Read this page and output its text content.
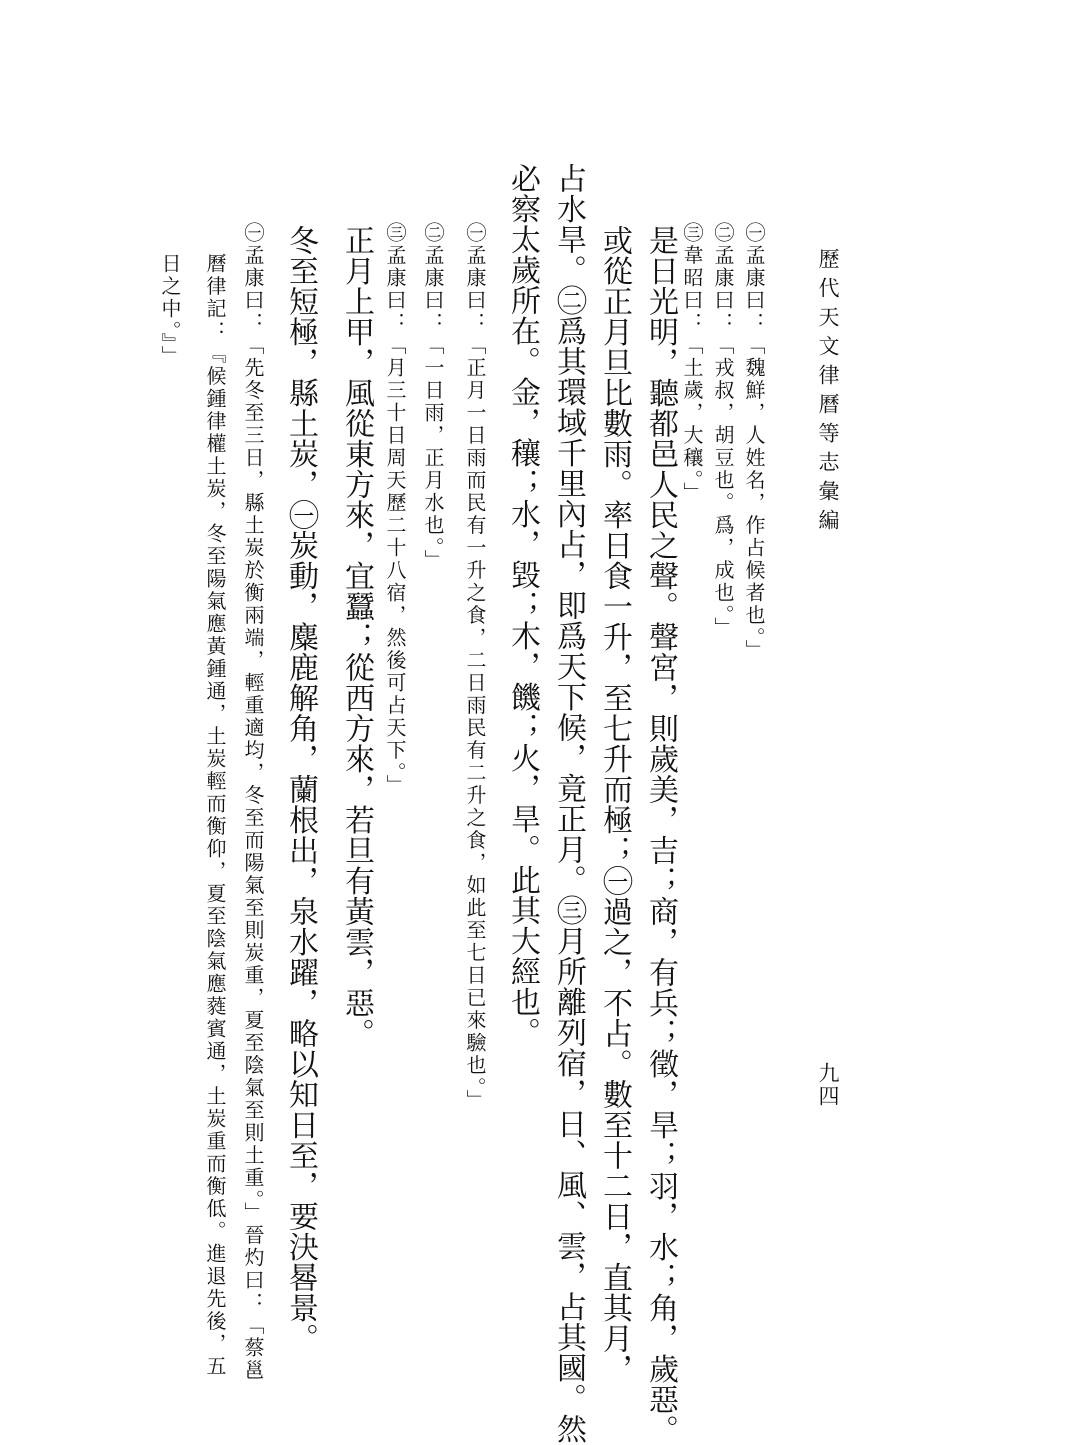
歷代天文律曆等志彙編
九四
㊀孟康曰：「魏鮮，人姓名，作占候者也。」
㊁孟康曰：「戎叔，胡豆也。爲，成也。」
㊂韋昭曰：「土歲，大穰。」
是日光明，聽都邑人民之聲。聲宮，則歲美，吉；商，有兵；徵，旱；羽，水；角，歲惡。
或從正月旦比數雨。率日食一升，至七升而極；㊀過之，不占。數至十二日，直其月，
占水旱。㊁爲其環域千里內占，即爲天下候，竟正月。㊂月所離列宿，日、風、雲，占其國。然
必察太歲所在。金，穰；水，毀；木，饑；火，旱。此其大經也。
㊀孟康曰：「正月一日雨而民有一升之食，二日雨民有二升之食，如此至七日已來驗也。」
㊁孟康曰：「一日雨，正月水也。」
㊂孟康曰：「月三十日周天歷二十八宿，然後可占天下。」
正月上甲，風從東方來，宜蠶；從西方來，若旦有黃雲，惡。
冬至短極，縣土炭，㊀炭動，麋鹿解角，蘭根出，泉水躍，略以知日至，要決晷景。
㊀孟康曰：「先冬至三日，縣土炭於衡兩端，輕重適均，冬至而陽氣至則炭重，夏至陰氣至則土重。」晉灼曰：「蔡邕
曆律記：『候鍾律權土炭，冬至陽氣應黃鍾通，土炭輕而衡仰，夏至陰氣應蕤賓通，土炭重而衡低。進退先後，五
日之中。』」
